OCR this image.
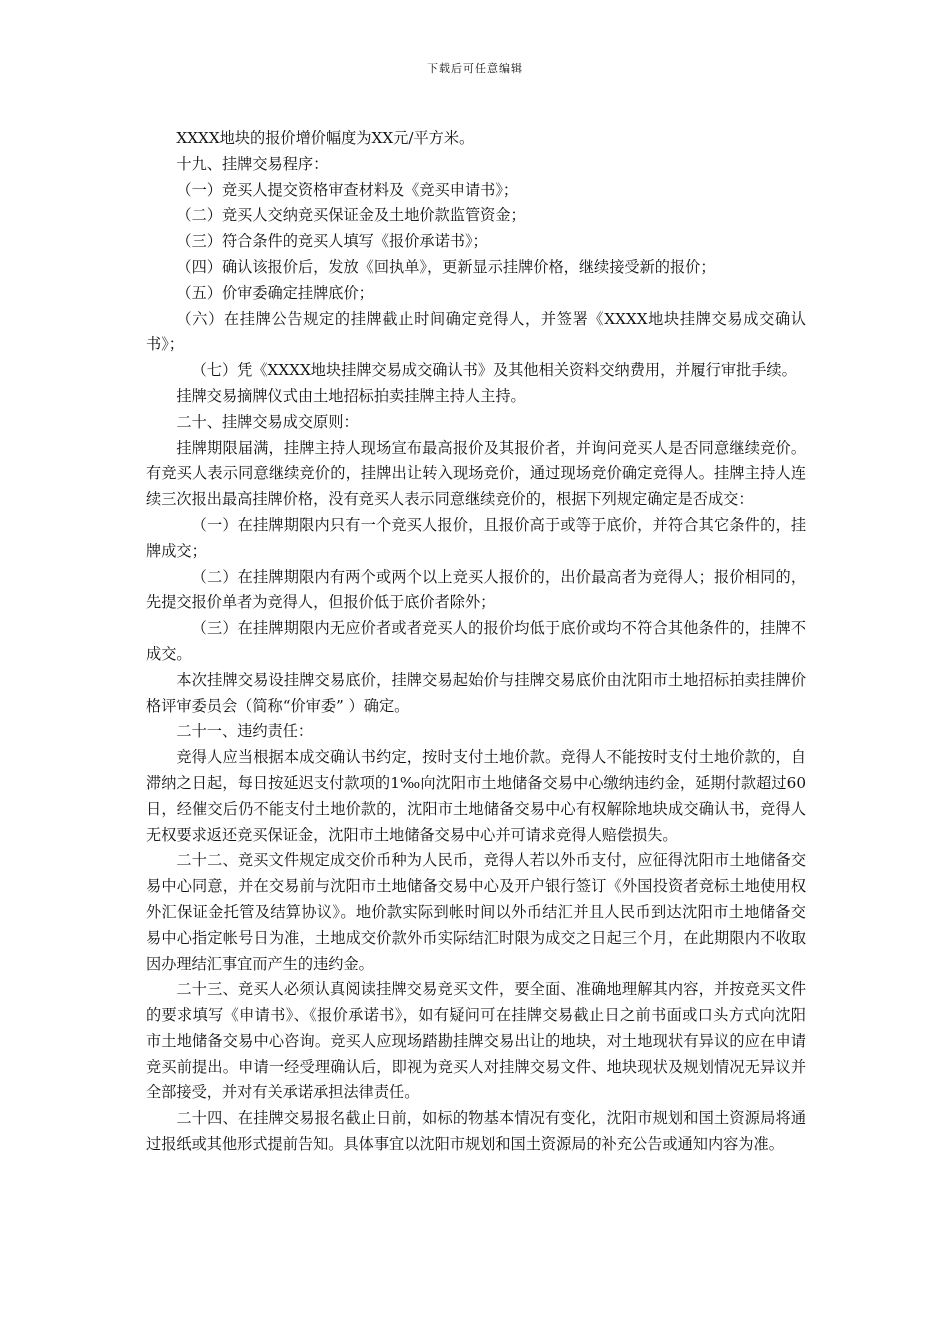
下载后可任意编辑

XXXX地块的报价增价幅度为XX元/平方米。

十九、挂牌交易程序：

（一）竞买人提交资格审查材料及《竞买申请书》；

（二）竞买人交纳竞买保证金及土地价款监管资金；

（三）符合条件的竞买人填写《报价承诺书》；

（四）确认该报价后，发放《回执单》，更新显示挂牌价格，继续接受新的报价；

（五）价审委确定挂牌底价；

（六）在挂牌公告规定的挂牌截止时间确定竞得人，并签署《XXXX地块挂牌交易成交确认书》；

（七）凭《XXXX地块挂牌交易成交确认书》及其他相关资料交纳费用，并履行审批手续。

挂牌交易摘牌仪式由土地招标拍卖挂牌主持人主持。

二十、挂牌交易成交原则：

挂牌期限届满，挂牌主持人现场宣布最高报价及其报价者，并询问竞买人是否同意继续竞价。有竞买人表示同意继续竞价的，挂牌出让转入现场竞价，通过现场竞价确定竞得人。挂牌主持人连续三次报出最高挂牌价格，没有竞买人表示同意继续竞价的，根据下列规定确定是否成交：

（一）在挂牌期限内只有一个竞买人报价，且报价高于或等于底价，并符合其它条件的，挂牌成交；

（二）在挂牌期限内有两个或两个以上竞买人报价的，出价最高者为竞得人；报价相同的，先提交报价单者为竞得人，但报价低于底价者除外；

（三）在挂牌期限内无应价者或者竞买人的报价均低于底价或均不符合其他条件的，挂牌不成交。

本次挂牌交易设挂牌交易底价，挂牌交易起始价与挂牌交易底价由沈阳市土地招标拍卖挂牌价格评审委员会（简称“价审委” ）确定。

二十一、违约责任：

竞得人应当根据本成交确认书约定，按时支付土地价款。竞得人不能按时支付土地价款的，自滞纳之日起，每日按延迟支付款项的1‰向沈阳市土地储备交易中心缴纳违约金，延期付款超过60日，经催交后仍不能支付土地价款的，沈阳市土地储备交易中心有权解除地块成交确认书，竞得人无权要求返还竞买保证金，沈阳市土地储备交易中心并可请求竞得人赔偿损失。

二十二、竞买文件规定成交价币种为人民币，竞得人若以外币支付，应征得沈阳市土地储备交易中心同意，并在交易前与沈阳市土地储备交易中心及开户银行签订《外国投资者竞标土地使用权外汇保证金托管及结算协议》。地价款实际到帐时间以外币结汇并且人民币到达沈阳市土地储备交易中心指定帐号日为准，土地成交价款外币实际结汇时限为成交之日起三个月，在此期限内不收取因办理结汇事宜而产生的违约金。

二十三、竞买人必须认真阅读挂牌交易竞买文件，要全面、准确地理解其内容，并按竞买文件的要求填写《申请书》、《报价承诺书》，如有疑问可在挂牌交易截止日之前书面或口头方式向沈阳市土地储备交易中心咨询。竞买人应现场踏勘挂牌交易出让的地块，对土地现状有异议的应在申请竞买前提出。申请一经受理确认后，即视为竞买人对挂牌交易文件、地块现状及规划情况无异议并全部接受，并对有关承诺承担法律责任。

二十四、在挂牌交易报名截止日前，如标的物基本情况有变化，沈阳市规划和国土资源局将通过报纸或其他形式提前告知。具体事宜以沈阳市规划和国土资源局的补充公告或通知内容为准。
